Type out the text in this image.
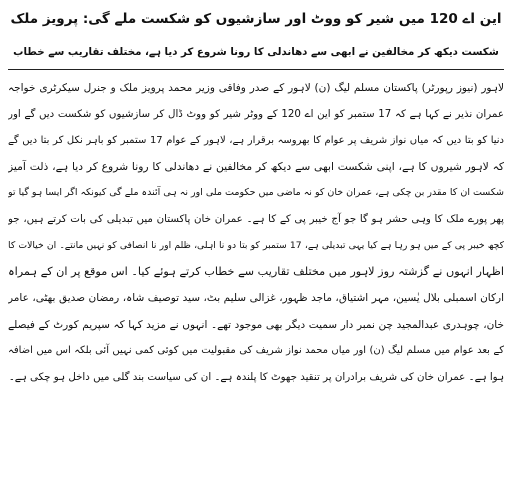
این اے 120 میں شیر کو ووٹ اور سازشیوں کو شکست ملے گی: پرویز ملک
شکست دیکھ کر مخالفین نے ابھی سے دھاندلی کا رونا شروع کر دیا ہے، مختلف تقاریب سے خطاب
لاہور (نیوز رپورٹر) پاکستان مسلم لیگ (ن) لاہور کے صدر وفاقی وزیر محمد پرویز ملک و جنرل سیکرٹری خواجہ
عمران نذیر نے کہا ہے کہ 17 ستمبر کو این اے 120 کے ووٹر شیر کو ووٹ ڈال کر سازشیوں کو شکست دیں گے اور
دنیا کو بتا دیں کہ میاں نواز شریف پر عوام کا بھروسہ برقرار ہے، لاہور کے عوام 17 ستمبر کو باہر نکل کر بتا دیں گے
کہ لاہور شیروں کا ہے، اپنی شکست ابھی سے دیکھ کر مخالفین نے دھاندلی کا رونا شروع کر دیا ہے، ذلت آمیز
شکست ان کا مقدر بن چکی ہے، عمران خان کو نہ ماضی میں حکومت ملی اور نہ ہی آئندہ ملے گی کیونکہ اگر ایسا ہو گیا تو
پھر پورے ملک کا وہی حشر ہو گا جو آج خیبر پی کے کا ہے۔ عمران خان پاکستان میں تبدیلی کی بات کرتے ہیں، جو
کچھ خیبر پی کے میں ہو رہا ہے کیا یہی تبدیلی ہے، 17 ستمبر کو بتا دو نا اہلی، ظلم اور نا انصافی کو نہیں مانتے۔ ان خیالات کا
اظہار انہوں نے گزشتہ روز لاہور میں مختلف تقاریب سے خطاب کرتے ہوئے کیا۔ اس موقع پر ان کے ہمراہ
ارکان اسمبلی بلال یٰسین، مہر اشتیاق، ماجد ظہور، غزالی سلیم بٹ، سید توصیف شاہ، رمضان صدیق بھٹی، عامر
خان، چوہدری عبدالمجید چن نمبر دار سمیت دیگر بھی موجود تھے۔ انہوں نے مزید کہا کہ سپریم کورٹ کے فیصلے
کے بعد عوام میں مسلم لیگ (ن) اور میاں محمد نواز شریف کی مقبولیت میں کوئی کمی نہیں آئی بلکہ اس میں اضافہ
ہوا ہے۔ عمران خان کی شریف برادران پر تنقید جھوٹ کا پلندہ ہے۔ ان کی سیاست بند گلی میں داخل ہو چکی ہے۔
